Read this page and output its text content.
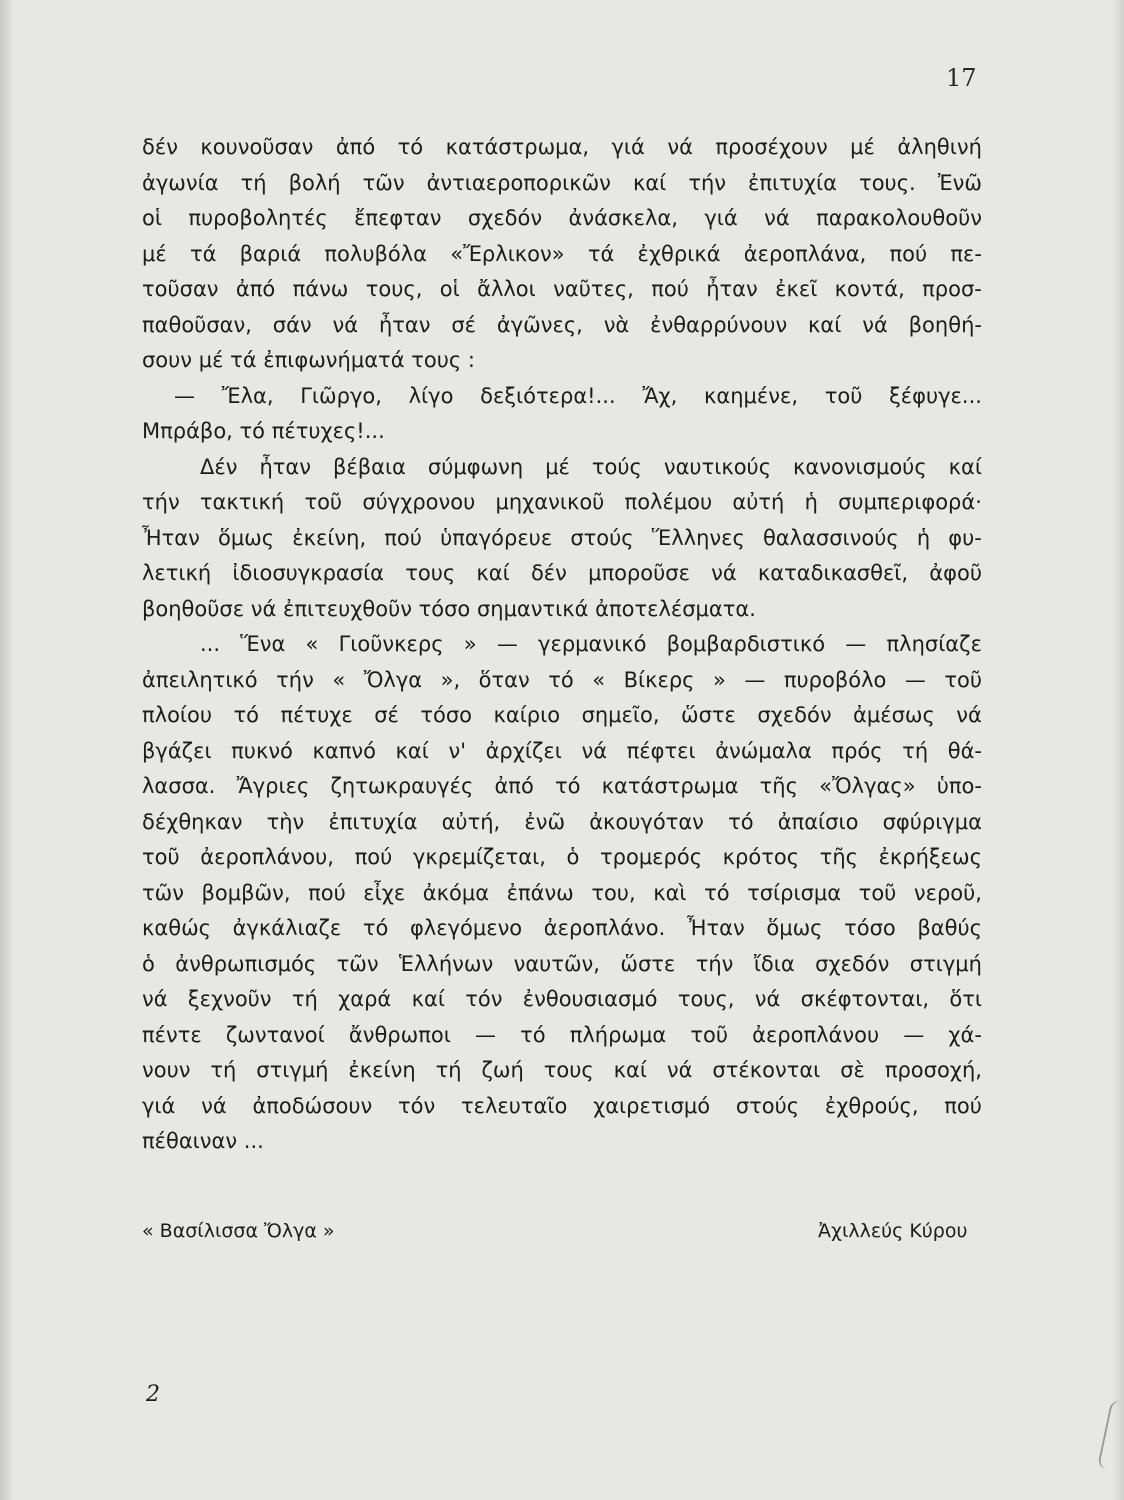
17
δέν κουνοῦσαν ἀπό τό κατάστρωμα, γιά νά προσέχουν μέ ἀληθινή
ἀγωνία τή βολή τῶν ἀντιαεροπορικῶν καί τήν ἐπιτυχία τους. Ἐνῶ
οἱ πυροβολητές ἔπεφταν σχεδόν ἀνάσκελα, γιά νά παρακολουθοῦν
μέ τά βαριά πολυβόλα «Ἔρλικον» τά ἐχθρικά ἀεροπλάνα, πού πε-
τοῦσαν ἀπό πάνω τους, οἱ ἄλλοι ναῦτες, πού ἦταν ἐκεῖ κοντά, προσ-
παθοῦσαν, σάν νά ἦταν σέ ἀγῶνες, νὰ ἐνθαρρύνουν καί νά βοηθή-
σουν μέ τά ἐπιφωνήματά τους :
— Ἔλα, Γιῶργο, λίγο δεξιότερα!... Ἄχ, καημένε, τοῦ ξέφυγε...
Μπράβο, τό πέτυχες!...
Δέν ἦταν βέβαια σύμφωνη μέ τούς ναυτικούς κανονισμούς καί
τήν τακτική τοῦ σύγχρονου μηχανικοῦ πολέμου αὐτή ἡ συμπεριφορά·
Ἦταν ὅμως ἐκείνη, πού ὑπαγόρευε στούς Ἕλληνες θαλασσινούς ἡ φυ-
λετική ἰδιοσυγκρασία τους καί δέν μποροῦσε νά καταδικασθεῖ, ἀφοῦ
βοηθοῦσε νά ἐπιτευχθοῦν τόσο σημαντικά ἀποτελέσματα.
... Ἕνα « Γιοῦνκερς » — γερμανικό βομβαρδιστικό — πλησίαζε
ἀπειλητικό τήν « Ὄλγα », ὅταν τό « Βίκερς » — πυροβόλο — τοῦ
πλοίου τό πέτυχε σέ τόσο καίριο σημεῖο, ὥστε σχεδόν ἀμέσως νά
βγάζει πυκνό καπνό καί ν' ἀρχίζει νά πέφτει ἀνώμαλα πρός τή θά-
λασσα. Ἄγριες ζητωκραυγές ἀπό τό κατάστρωμα τῆς «Ὄλγας» ὑπο-
δέχθηκαν τὴν ἐπιτυχία αὐτή, ἐνῶ ἀκουγόταν τό ἀπαίσιο σφύριγμα
τοῦ ἀεροπλάνου, πού γκρεμίζεται, ὁ τρομερός κρότος τῆς ἐκρήξεως
τῶν βομβῶν, πού εἶχε ἀκόμα ἐπάνω του, καὶ τό τσίρισμα τοῦ νεροῦ,
καθώς ἀγκάλιαζε τό φλεγόμενο ἀεροπλάνο. Ἦταν ὅμως τόσο βαθύς
ὁ ἀνθρωπισμός τῶν Ἑλλήνων ναυτῶν, ὥστε τήν ἴδια σχεδόν στιγμή
νά ξεχνοῦν τή χαρά καί τόν ἐνθουσιασμό τους, νά σκέφτονται, ὅτι
πέντε ζωντανοί ἄνθρωποι — τό πλήρωμα τοῦ ἀεροπλάνου — χά-
νουν τή στιγμή ἐκείνη τή ζωή τους καί νά στέκονται σὲ προσοχή,
γιά νά ἀποδώσουν τόν τελευταῖο χαιρετισμό στούς ἐχθρούς, πού
πέθαιναν ...
« Βασίλισσα Ὄλγα »	Ἀχιλλεύς Κύρου
2
